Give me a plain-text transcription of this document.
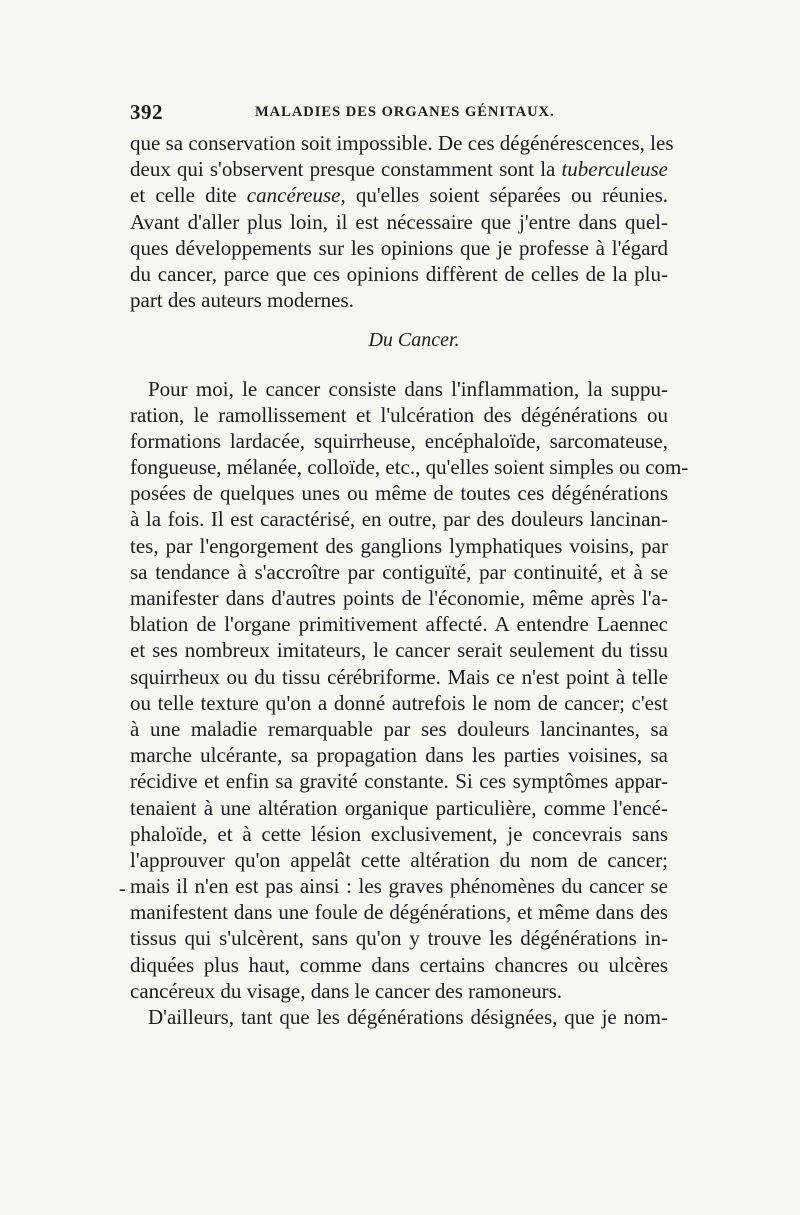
392	MALADIES DES ORGANES GÉNITAUX.
-
que sa conservation soit impossible. De ces dégénérescences, les
deux qui s'observent presque constamment sont la tuberculeuse
et celle dite cancéreuse, qu'elles soient séparées ou réunies.
Avant d'aller plus loin, il est nécessaire que j'entre dans quel-
ques développements sur les opinions que je professe à l'égard
du cancer, parce que ces opinions diffèrent de celles de la plu-
part des auteurs modernes.
Du Cancer.
Pour moi, le cancer consiste dans l'inflammation, la suppu-
ration, le ramollissement et l'ulcération des dégénérations ou
formations lardacée, squirrheuse, encéphaloïde, sarcomateuse,
fongueuse, mélanée, colloïde, etc., qu'elles soient simples ou com-
posées de quelques unes ou même de toutes ces dégénérations
à la fois. Il est caractérisé, en outre, par des douleurs lancinan-
tes, par l'engorgement des ganglions lymphatiques voisins, par
sa tendance à s'accroître par contiguïté, par continuité, et à se
manifester dans d'autres points de l'économie, même après l'a-
blation de l'organe primitivement affecté. A entendre Laennec
et ses nombreux imitateurs, le cancer serait seulement du tissu
squirrheux ou du tissu cérébriforme. Mais ce n'est point à telle
ou telle texture qu'on a donné autrefois le nom de cancer; c'est
à une maladie remarquable par ses douleurs lancinantes, sa
marche ulcérante, sa propagation dans les parties voisines, sa
récidive et enfin sa gravité constante. Si ces symptômes appar-
tenaient à une altération organique particulière, comme l'encé-
phaloïde, et à cette lésion exclusivement, je concevrais sans
l'approuver qu'on appelât cette altération du nom de cancer;
mais il n'en est pas ainsi : les graves phénomènes du cancer se
manifestent dans une foule de dégénérations, et même dans des
tissus qui s'ulcèrent, sans qu'on y trouve les dégénérations in-
diquées plus haut, comme dans certains chancres ou ulcères
cancéreux du visage, dans le cancer des ramoneurs.
D'ailleurs, tant que les dégénérations désignées, que je nom-
